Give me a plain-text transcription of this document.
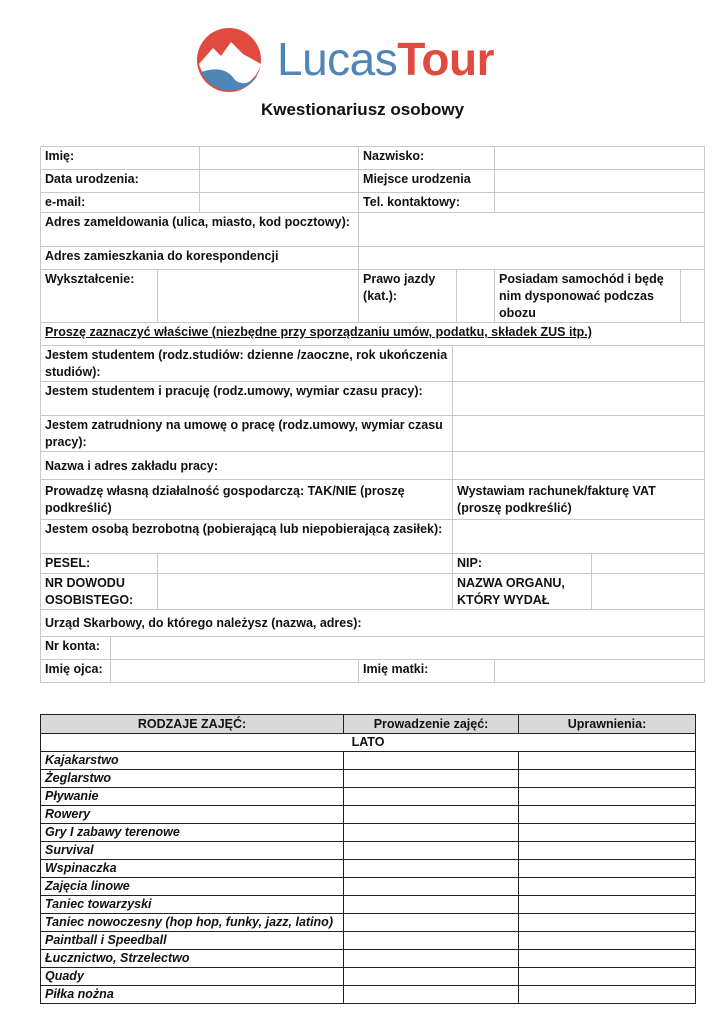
LucasTour
Kwestionariusz osobowy
Imię:				Nazwisko:					
Data urodzenia:				Miejsce urodzenia					
e-mail:				Tel. kontaktowy:					
Adres zameldowania (ulica, miasto, kod pocztowy):									
Adres zamieszkania do korespondencji									
Wykształcenie:				Prawo jazdy (kat.):			Posiadam samochód i będę nim dysponować podczas obozu		
Proszę zaznaczyć właściwe (niezbędne przy sporządzaniu umów, podatku, składek ZUS itp.)									
Jestem studentem (rodz.studiów: dzienne /zaoczne, rok ukończenia studiów):									
Jestem studentem i pracuję (rodz.umowy, wymiar czasu pracy):									
Jestem zatrudniony na umowę o pracę (rodz.umowy, wymiar czasu pracy):									
Nazwa i adres zakładu pracy:									
Prowadzę własną działalność gospodarczą: TAK/NIE (proszę podkreślić)					Wystawiam rachunek/fakturę VAT (proszę podkreślić)				
Jestem osobą bezrobotną (pobierającą lub niepobierającą zasiłek):									
PESEL:					NIP:				
NR DOWODU OSOBISTEGO:					NAZWA ORGANU, KTÓRY WYDAŁ				
Urząd Skarbowy, do którego należysz (nazwa, adres):									
Nr konta:									
Imię ojca:				Imię matki:					
RODZAJE ZAJĘĆ:	Prowadzenie zajęć:	Uprawnienia:
LATO		
Kajakarstwo		
Żeglarstwo		
Pływanie		
Rowery		
Gry I zabawy terenowe		
Survival		
Wspinaczka		
Zajęcia linowe		
Taniec towarzyski		
Taniec nowoczesny (hop hop, funky, jazz, latino)		
Paintball i Speedball		
Łucznictwo, Strzelectwo		
Quady		
Piłka nożna		
